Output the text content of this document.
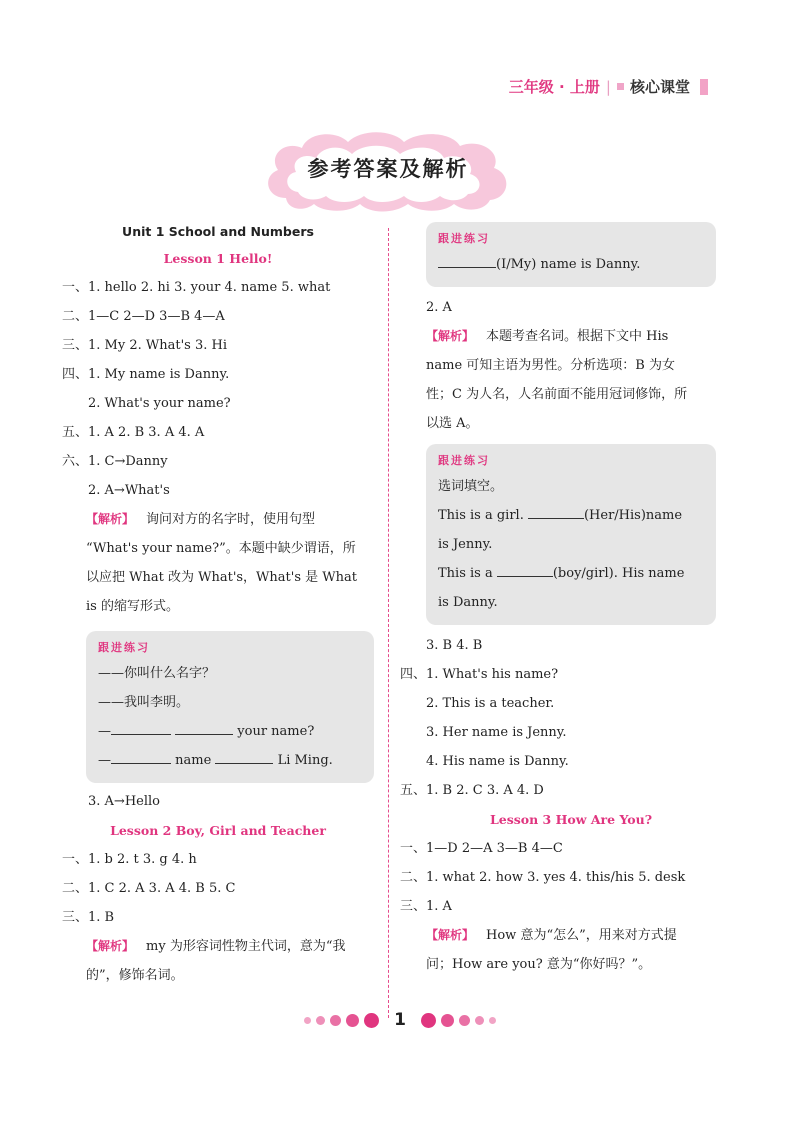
三年级 · 上册 | 核心课堂
参考答案及解析
Unit 1 School and Numbers
Lesson 1 Hello!
一、1. hello 2. hi 3. your 4. name 5. what
二、1—C 2—D 3—B 4—A
三、1. My 2. What's 3. Hi
四、1. My name is Danny.
2. What's your name?
五、1. A 2. B 3. A 4. A
六、1. C→Danny
2. A→What's
【解析】 询问对方的名字时，使用句型
“What's your name?”。本题中缺少谓语，所
以应把 What 改为 What's，What's 是 What
is 的缩写形式。
跟进练习
——你叫什么名字？
——我叫李明。
—	your name?
—	name	Li Ming.
3. A→Hello
Lesson 2 Boy, Girl and Teacher
一、1. b 2. t 3. g 4. h
二、1. C 2. A 3. A 4. B 5. C
三、1. B
【解析】 my 为形容词性物主代词，意为“我
的”，修饰名词。
跟进练习
(I/My) name is Danny.
2. A
【解析】 本题考查名词。根据下文中 His
name 可知主语为男性。分析选项：B 为女
性；C 为人名，人名前面不能用冠词修饰，所
以选 A。
跟进练习
选词填空。
This is a girl.	(Her/His)name
is Jenny.
This is a	(boy/girl). His name
is Danny.
3. B 4. B
四、1. What's his name?
2. This is a teacher.
3. Her name is Jenny.
4. His name is Danny.
五、1. B 2. C 3. A 4. D
Lesson 3 How Are You?
一、1—D 2—A 3—B 4—C
二、1. what 2. how 3. yes 4. this/his 5. desk
三、1. A
【解析】 How 意为“怎么”，用来对方式提
问；How are you? 意为“你好吗？”。
1
